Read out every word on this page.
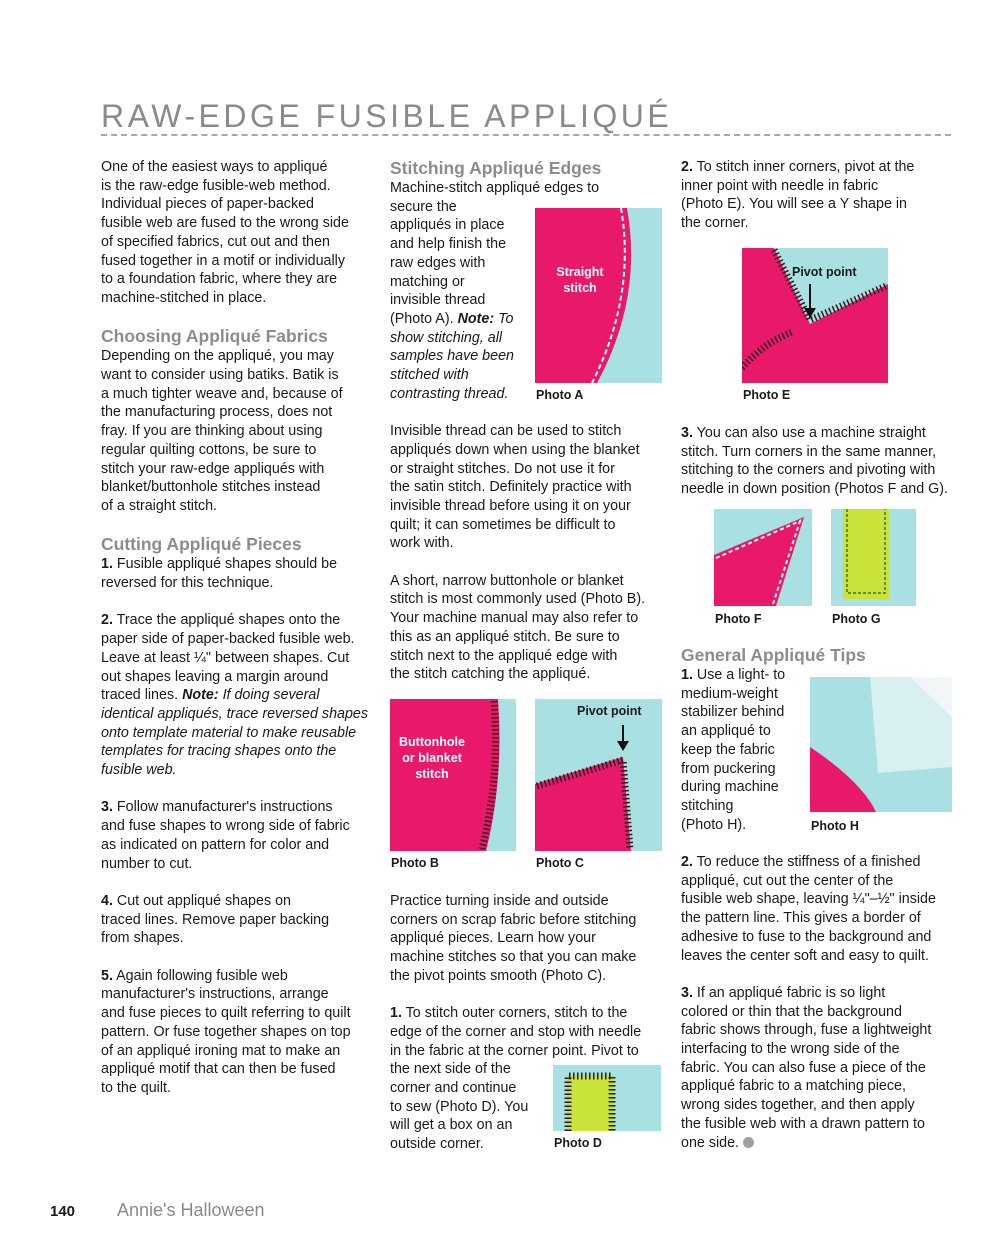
RAW-EDGE FUSIBLE APPLIQUÉ

One of the easiest ways to appliqué
is the raw-edge fusible-web method.
Individual pieces of paper-backed
fusible web are fused to the wrong side
of specified fabrics, cut out and then
fused together in a motif or individually
to a foundation fabric, where they are
machine-stitched in place.

Choosing Appliqué Fabrics

Depending on the appliqué, you may
want to consider using batiks. Batik is
a much tighter weave and, because of
the manufacturing process, does not
fray. If you are thinking about using
regular quilting cottons, be sure to
stitch your raw-edge appliqués with
blanket/buttonhole stitches instead
of a straight stitch.

Cutting Appliqué Pieces

1. Fusible appliqué shapes should be
reversed for this technique.

2. Trace the appliqué shapes onto the
paper side of paper-backed fusible web.
Leave at least ¼" between shapes. Cut
out shapes leaving a margin around
traced lines. Note: If doing several
identical appliqués, trace reversed shapes
onto template material to make reusable
templates for tracing shapes onto the
fusible web.

3. Follow manufacturer's instructions
and fuse shapes to wrong side of fabric
as indicated on pattern for color and
number to cut.

4. Cut out appliqué shapes on
traced lines. Remove paper backing
from shapes.

5. Again following fusible web
manufacturer's instructions, arrange
and fuse pieces to quilt referring to quilt
pattern. Or fuse together shapes on top
of an appliqué ironing mat to make an
appliqué motif that can then be fused
to the quilt.

Stitching Appliqué Edges

Machine-stitch appliqué edges to
secure the
appliqués in place
and help finish the
raw edges with
matching or
invisible thread
(Photo A). Note: To
show stitching, all
samples have been
stitched with
contrasting thread.

Invisible thread can be used to stitch
appliqués down when using the blanket
or straight stitches. Do not use it for
the satin stitch. Definitely practice with
invisible thread before using it on your
quilt; it can sometimes be difficult to
work with.

A short, narrow buttonhole or blanket
stitch is most commonly used (Photo B).
Your machine manual may also refer to
this as an appliqué stitch. Be sure to
stitch next to the appliqué edge with
the stitch catching the appliqué.

Practice turning inside and outside
corners on scrap fabric before stitching
appliqué pieces. Learn how your
machine stitches so that you can make
the pivot points smooth (Photo C).

1. To stitch outer corners, stitch to the
edge of the corner and stop with needle
in the fabric at the corner point. Pivot to
the next side of the
corner and continue
to sew (Photo D). You
will get a box on an
outside corner.

2. To stitch inner corners, pivot at the
inner point with needle in fabric
(Photo E). You will see a Y shape in
the corner.

3. You can also use a machine straight
stitch. Turn corners in the same manner,
stitching to the corners and pivoting with
needle in down position (Photos F and G).

General Appliqué Tips

1. Use a light- to
medium-weight
stabilizer behind
an appliqué to
keep the fabric
from puckering
during machine
stitching
(Photo H).

2. To reduce the stiffness of a finished
appliqué, cut out the center of the
fusible web shape, leaving ¼"–½" inside
the pattern line. This gives a border of
adhesive to fuse to the background and
leaves the center soft and easy to quilt.

3. If an appliqué fabric is so light
colored or thin that the background
fabric shows through, fuse a lightweight
interfacing to the wrong side of the
fabric. You can also fuse a piece of the
appliqué fabric to a matching piece,
wrong sides together, and then apply
the fusible web with a drawn pattern to
one side.

Straight stitch
Photo A
Buttonhole or blanket stitch
Photo B
Pivot point
Photo C
Photo D
Pivot point
Photo E
Photo F	Photo G
Photo H
140 Annie's Halloween
